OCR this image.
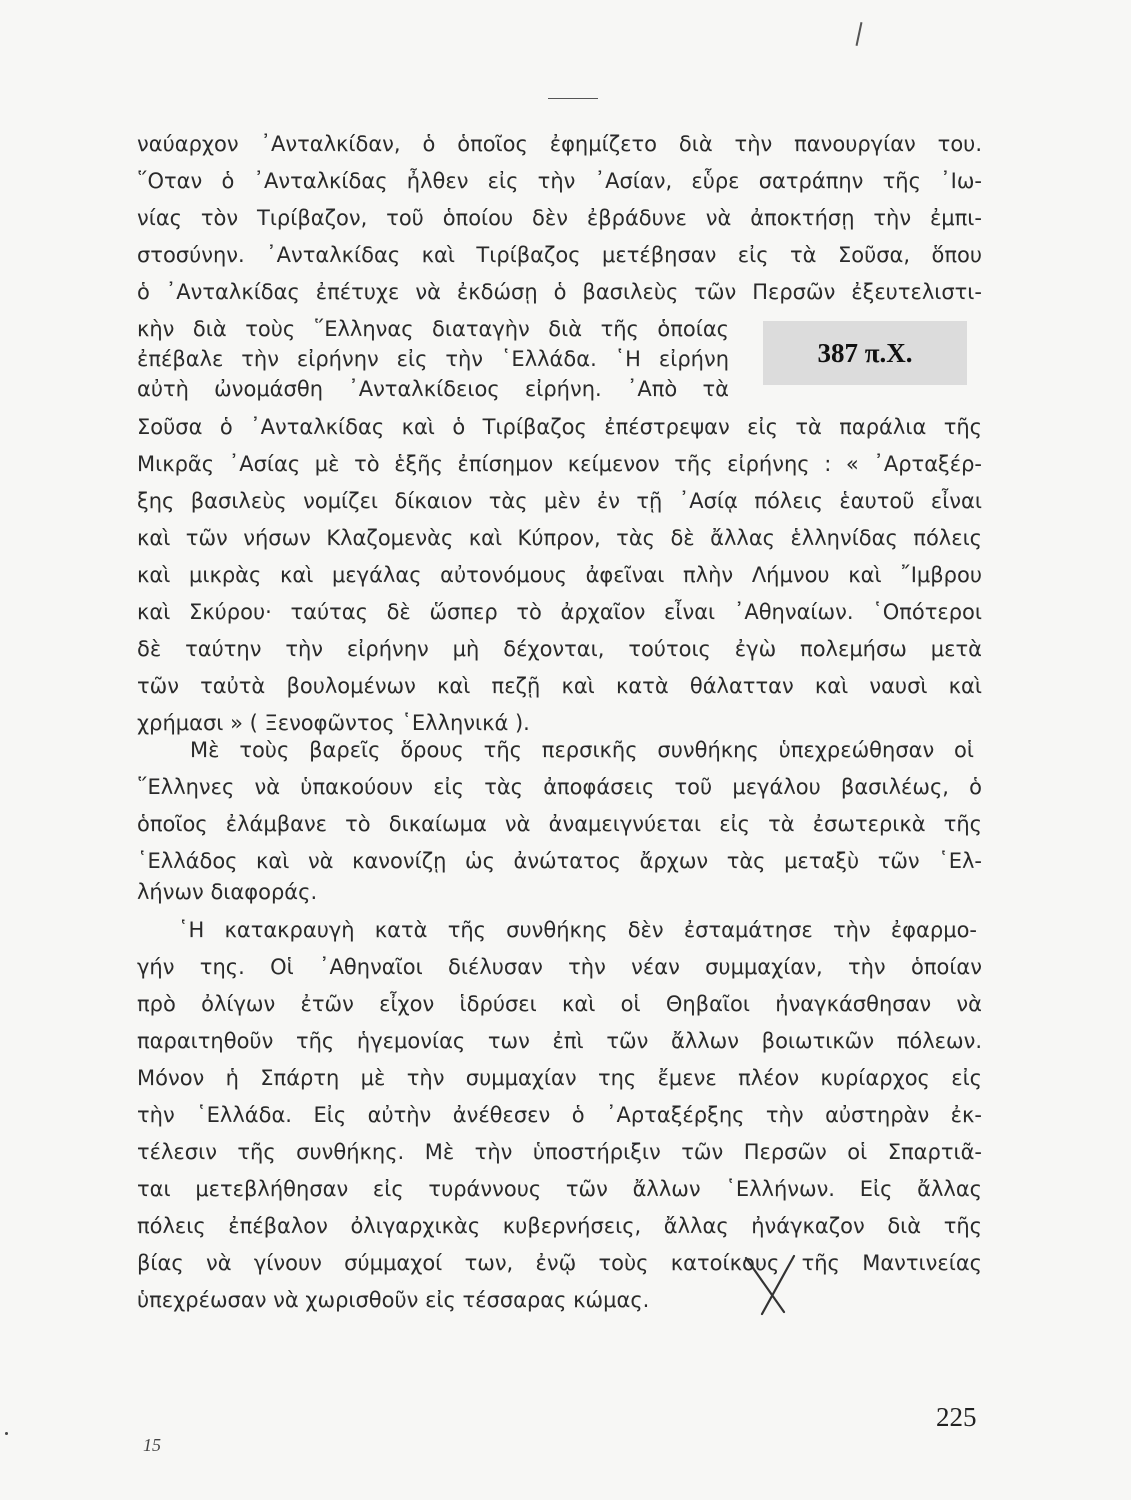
ναύαρχον ᾿Ανταλκίδαν, ὁ ὁποῖος ἐφημίζετο διὰ τὴν πανουργίαν του.
῞Οταν ὁ ᾿Ανταλκίδας ἦλθεν εἰς τὴν ᾿Ασίαν, εὗρε σατράπην τῆς ᾿Ιω-
νίας τὸν Τιρίβαζον, τοῦ ὁποίου δὲν ἐβράδυνε νὰ ἀποκτήσῃ τὴν ἐμπι-
στοσύνην. ᾿Ανταλκίδας καὶ Τιρίβαζος μετέβησαν εἰς τὰ Σοῦσα, ὅπου
ὁ ᾿Ανταλκίδας ἐπέτυχε νὰ ἐκδώσῃ ὁ βασιλεὺς τῶν Περσῶν ἐξευτελιστι-
κὴν διὰ τοὺς ῞Ελληνας διαταγὴν διὰ τῆς ὁποίας
ἐπέβαλε τὴν εἰρήνην εἰς τὴν ῾Ελλάδα. ῾Η εἰρήνη
αὐτὴ ὠνομάσθη ᾿Ανταλκίδειος εἰρήνη. ᾿Απὸ τὰ
Σοῦσα ὁ ᾿Ανταλκίδας καὶ ὁ Τιρίβαζος ἐπέστρεψαν εἰς τὰ παράλια τῆς
Μικρᾶς ᾿Ασίας μὲ τὸ ἑξῆς ἐπίσημον κείμενον τῆς εἰρήνης : « ᾿Αρταξέρ-
ξης βασιλεὺς νομίζει δίκαιον τὰς μὲν ἐν τῇ ᾿Ασίᾳ πόλεις ἑαυτοῦ εἶναι
καὶ τῶν νήσων Κλαζομενὰς καὶ Κύπρον, τὰς δὲ ἄλλας ἑλληνίδας πόλεις
καὶ μικρὰς καὶ μεγάλας αὐτονόμους ἀφεῖναι πλὴν Λήμνου καὶ ῎Ιμβρου
καὶ Σκύρου· ταύτας δὲ ὥσπερ τὸ ἀρχαῖον εἶναι ᾿Αθηναίων. ῾Οπότεροι
δὲ ταύτην τὴν εἰρήνην μὴ δέχονται, τούτοις ἐγὼ πολεμήσω μετὰ
τῶν ταὐτὰ βουλομένων καὶ πεζῇ καὶ κατὰ θάλατταν καὶ ναυσὶ καὶ
χρήμασι » ( Ξενοφῶντος ῾Ελληνικά ).
Μὲ τοὺς βαρεῖς ὅρους τῆς περσικῆς συνθήκης ὑπεχρεώθησαν οἱ
῞Ελληνες νὰ ὑπακούουν εἰς τὰς ἀποφάσεις τοῦ μεγάλου βασιλέως, ὁ
ὁποῖος ἐλάμβανε τὸ δικαίωμα νὰ ἀναμειγνύεται εἰς τὰ ἐσωτερικὰ τῆς
῾Ελλάδος καὶ νὰ κανονίζῃ ὡς ἀνώτατος ἄρχων τὰς μεταξὺ τῶν ῾Ελ-
λήνων διαφοράς.
῾Η κατακραυγὴ κατὰ τῆς συνθήκης δὲν ἐσταμάτησε τὴν ἐφαρμο-
γήν της. Οἱ ᾿Αθηναῖοι διέλυσαν τὴν νέαν συμμαχίαν, τὴν ὁποίαν
πρὸ ὀλίγων ἐτῶν εἶχον ἱδρύσει καὶ οἱ Θηβαῖοι ἠναγκάσθησαν νὰ
παραιτηθοῦν τῆς ἡγεμονίας των ἐπὶ τῶν ἄλλων βοιωτικῶν πόλεων.
Μόνον ἡ Σπάρτη μὲ τὴν συμμαχίαν της ἔμενε πλέον κυρίαρχος εἰς
τὴν ῾Ελλάδα. Εἰς αὐτὴν ἀνέθεσεν ὁ ᾿Αρταξέρξης τὴν αὐστηρὰν ἐκ-
τέλεσιν τῆς συνθήκης. Μὲ τὴν ὑποστήριξιν τῶν Περσῶν οἱ Σπαρτιᾶ-
ται μετεβλήθησαν εἰς τυράννους τῶν ἄλλων ῾Ελλήνων. Εἰς ἄλλας
πόλεις ἐπέβαλον ὀλιγαρχικὰς κυβερνήσεις, ἄλλας ἠνάγκαζον διὰ τῆς
βίας νὰ γίνουν σύμμαχοί των, ἐνῷ τοὺς κατοίκους τῆς Μαντινείας
ὑπεχρέωσαν νὰ χωρισθοῦν εἰς τέσσαρας κώμας.
387 π.Χ.
225
15
